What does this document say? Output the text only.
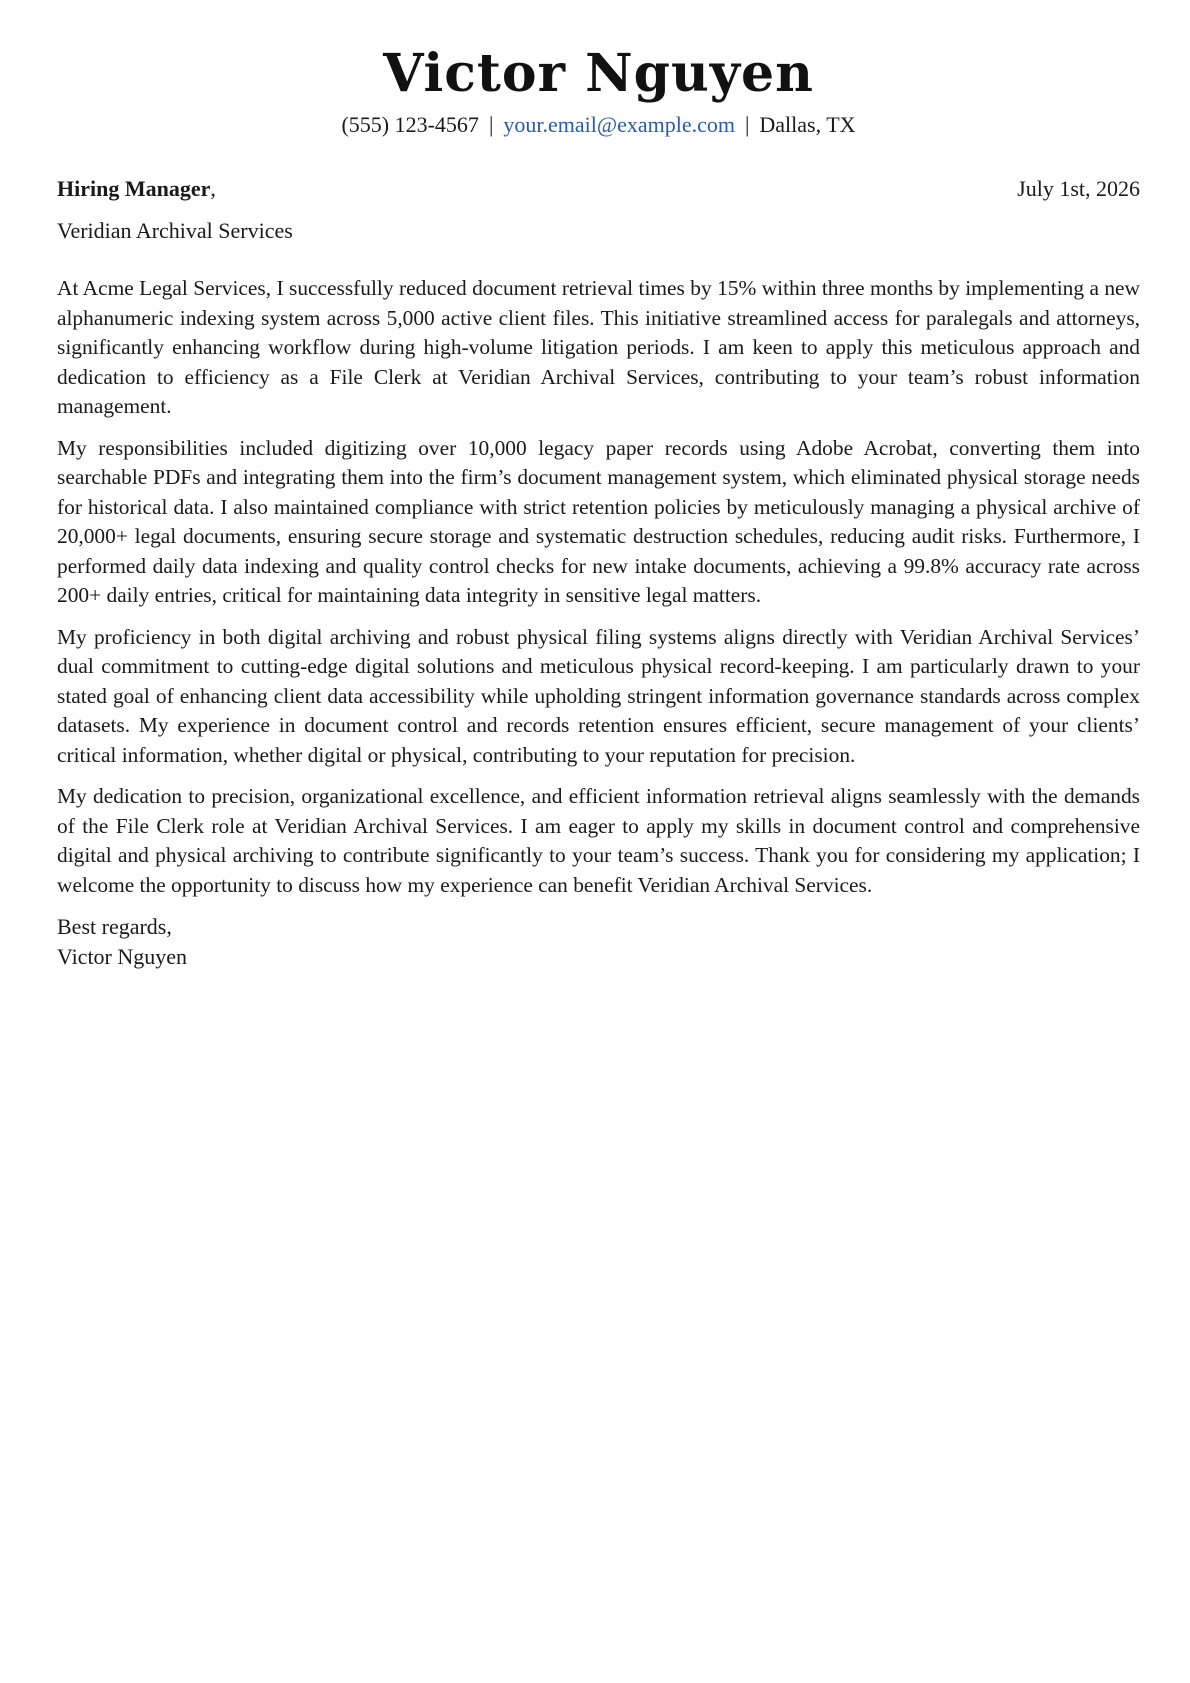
Victor Nguyen
(555) 123-4567 | your.email@example.com | Dallas, TX
Hiring Manager,	July 1st, 2026
Veridian Archival Services

At Acme Legal Services, I successfully reduced document retrieval times by 15% within three months by implementing a new alphanumeric indexing system across 5,000 active client files. This initiative streamlined access for paralegals and attorneys, significantly enhancing workflow during high-volume litigation periods. I am keen to apply this meticulous approach and dedication to efficiency as a File Clerk at Veridian Archival Services, contributing to your team’s robust information management.

My responsibilities included digitizing over 10,000 legacy paper records using Adobe Acrobat, converting them into searchable PDFs and integrating them into the firm’s document management system, which eliminated physical storage needs for historical data. I also maintained compliance with strict retention policies by meticulously managing a physical archive of 20,000+ legal documents, ensuring secure storage and systematic destruction schedules, reducing audit risks. Furthermore, I performed daily data indexing and quality control checks for new intake documents, achieving a 99.8% accuracy rate across 200+ daily entries, critical for maintaining data integrity in sensitive legal matters.

My proficiency in both digital archiving and robust physical filing systems aligns directly with Veridian Archival Services’ dual commitment to cutting-edge digital solutions and meticulous physical record-keeping. I am particularly drawn to your stated goal of enhancing client data accessibility while upholding stringent information governance standards across complex datasets. My experience in document control and records retention ensures efficient, secure management of your clients’ critical information, whether digital or physical, contributing to your reputation for precision.

My dedication to precision, organizational excellence, and efficient information retrieval aligns seamlessly with the demands of the File Clerk role at Veridian Archival Services. I am eager to apply my skills in document control and comprehensive digital and physical archiving to contribute significantly to your team’s success. Thank you for considering my application; I welcome the opportunity to discuss how my experience can benefit Veridian Archival Services.

Best regards,
Victor Nguyen
